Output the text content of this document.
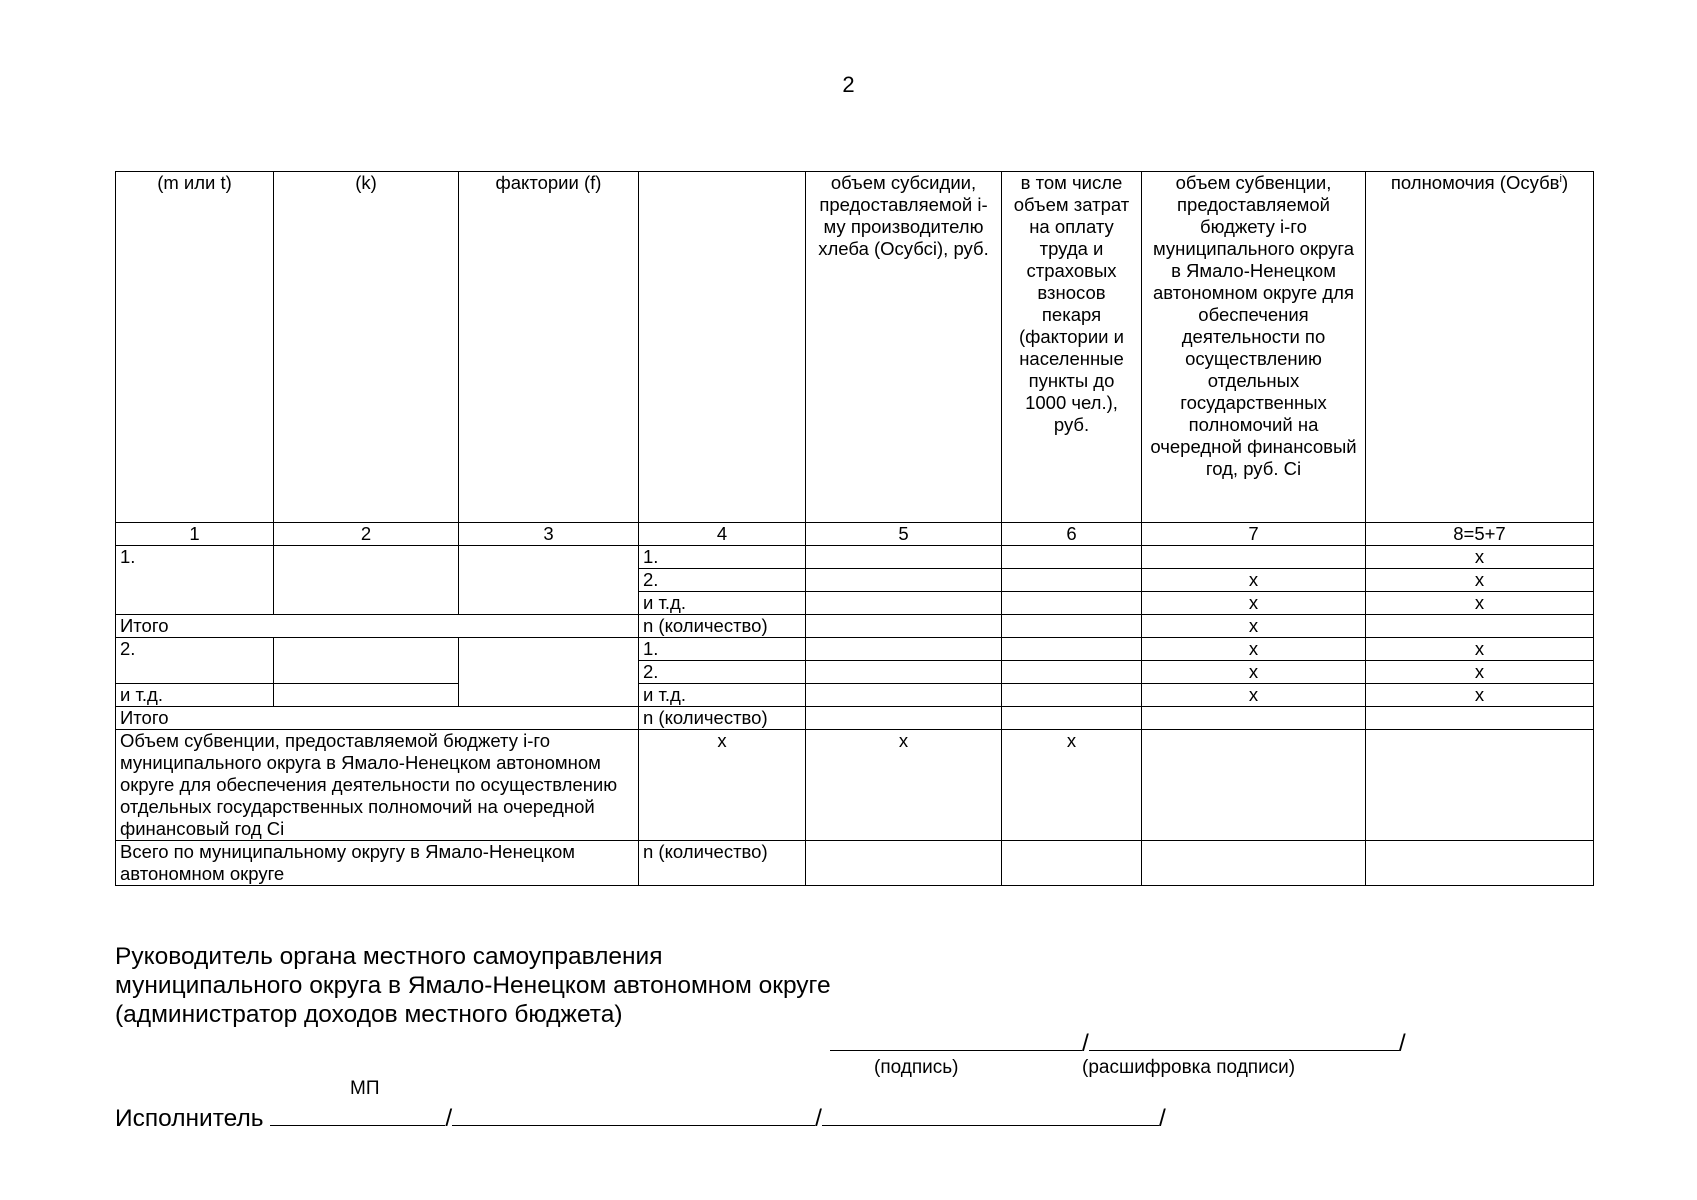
2
(m или t)	(k)	фактории (f)		объем субсидии, предоставляемой i-му производителю хлеба (Осубсi), руб.	в том числе объем затрат на оплату труда и страховых взносов пекаря (фактории и населенные пункты до 1000 чел.), руб.	объем субвенции, предоставляемой бюджету i-го муниципального округа в Ямало-Ненецком автономном округе для обеспечения деятельности по осуществлению отдельных государственных полномочий на очередной финансовый год, руб. Ci	полномочия (Осубв$^i$)
1	2	3	4	5	6	7	8=5+7
1.			1.				x
			2.			x	x
			и т.д.			x	x
Итого			n (количество)			x	
2.			1.			x	x
			2.			x	x
и т.д.			и т.д.			x	x
Итого			n (количество)				
Объем субвенции, предоставляемой бюджету i-го муниципального округа в Ямало-Ненецком автономном округе для обеспечения деятельности по осуществлению отдельных государственных полномочий на очередной финансовый год Ci			x	x	x		
Всего по муниципальному округу в Ямало-Ненецком автономном округе			n (количество)				
Руководитель органа местного самоуправления
муниципального округа в Ямало-Ненецком автономном округе
(администратор доходов местного бюджета)
/	/
(подпись)	(расшифровка подписи)
МП
Исполнитель	/	/	/
